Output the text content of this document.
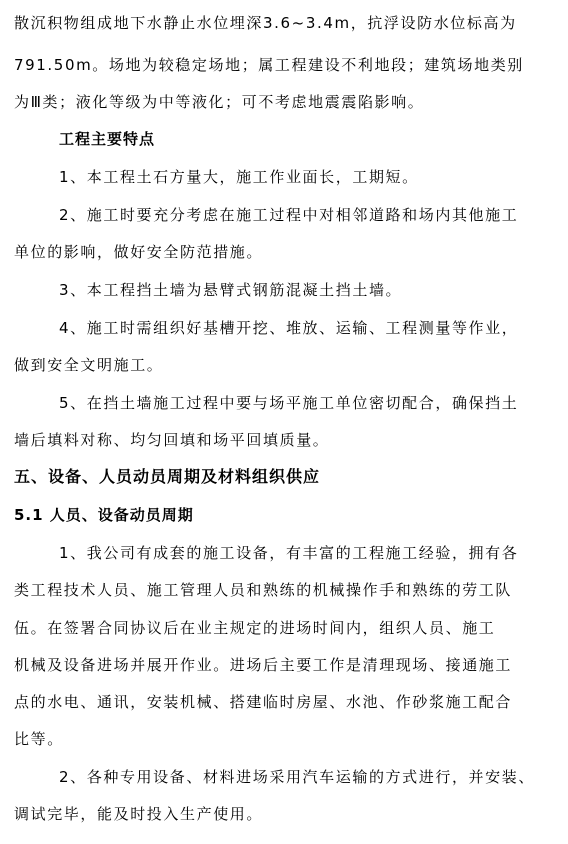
散沉积物组成地下水静止水位埋深3.6~3.4m，抗浮设防水位标高为
791.50m。场地为较稳定场地；属工程建设不利地段；建筑场地类别
为Ⅲ类；液化等级为中等液化；可不考虑地震震陷影响。
工程主要特点
1、本工程土石方量大，施工作业面长，工期短。
2、施工时要充分考虑在施工过程中对相邻道路和场内其他施工
单位的影响，做好安全防范措施。
3、本工程挡土墙为悬臂式钢筋混凝土挡土墙。
4、施工时需组织好基槽开挖、堆放、运输、工程测量等作业，
做到安全文明施工。
5、在挡土墙施工过程中要与场平施工单位密切配合，确保挡土
墙后填料对称、均匀回填和场平回填质量。
五、设备、人员动员周期及材料组织供应
5.1 人员、设备动员周期
1、我公司有成套的施工设备，有丰富的工程施工经验，拥有各
类工程技术人员、施工管理人员和熟练的机械操作手和熟练的劳工队
伍。在签署合同协议后在业主规定的进场时间内，组织人员、施工
机械及设备进场并展开作业。进场后主要工作是清理现场、接通施工
点的水电、通讯，安装机械、搭建临时房屋、水池、作砂浆施工配合
比等。
2、各种专用设备、材料进场采用汽车运输的方式进行，并安装、
调试完毕，能及时投入生产使用。
